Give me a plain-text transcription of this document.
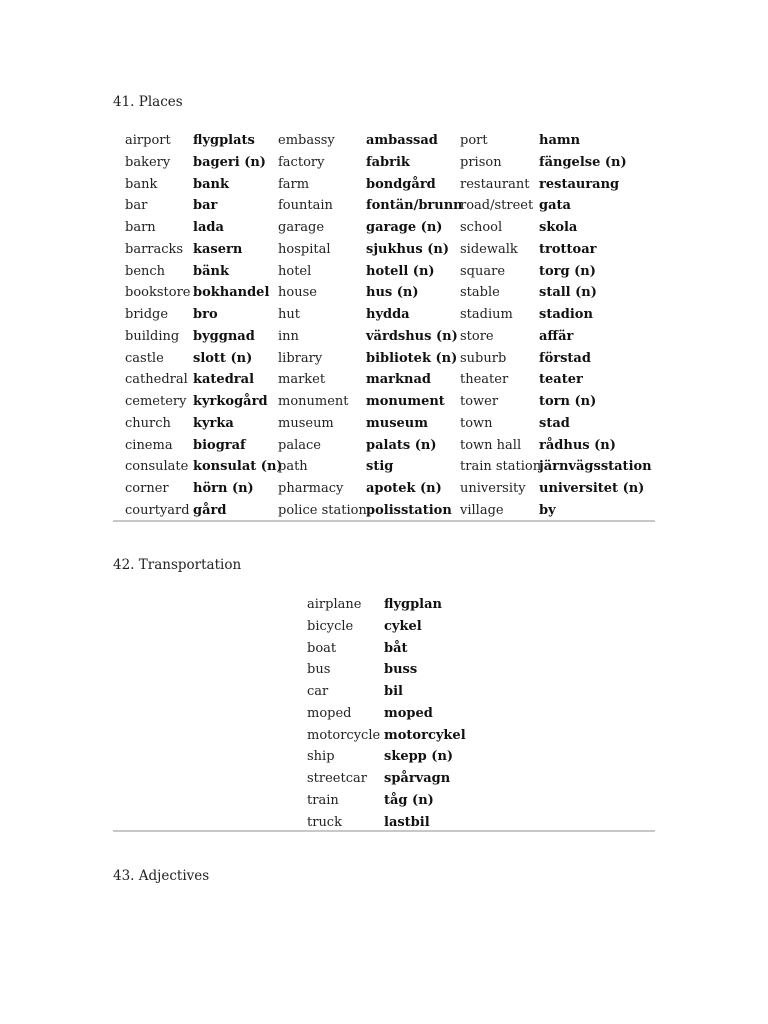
41. Places
airport
bakery
bank
bar
barn
barracks
bench
bookstore
bridge
building
castle
cathedral
cemetery
church
cinema
consulate
corner
courtyard
flygplats
bageri (n)
bank
bar
lada
kasern
bänk
bokhandel
bro
byggnad
slott (n)
katedral
kyrkogård
kyrka
biograf
konsulat (n)
hörn (n)
gård
embassy
factory
farm
fountain
garage
hospital
hotel
house
hut
inn
library
market
monument
museum
palace
path
pharmacy
police station
ambassad
fabrik
bondgård
fontän/brunn
garage (n)
sjukhus (n)
hotell (n)
hus (n)
hydda
värdshus (n)
bibliotek (n)
marknad
monument
museum
palats (n)
stig
apotek (n)
polisstation
port
prison
restaurant
road/street
school
sidewalk
square
stable
stadium
store
suburb
theater
tower
town
town hall
train station
university
village
hamn
fängelse (n)
restaurang
gata
skola
trottoar
torg (n)
stall (n)
stadion
affär
förstad
teater
torn (n)
stad
rådhus (n)
järnvägsstation
universitet (n)
by
42. Transportation
airplane
bicycle
boat
bus
car
moped
motorcycle
ship
streetcar
train
truck
flygplan
cykel
båt
buss
bil
moped
motorcykel
skepp (n)
spårvagn
tåg (n)
lastbil
43. Adjectives
